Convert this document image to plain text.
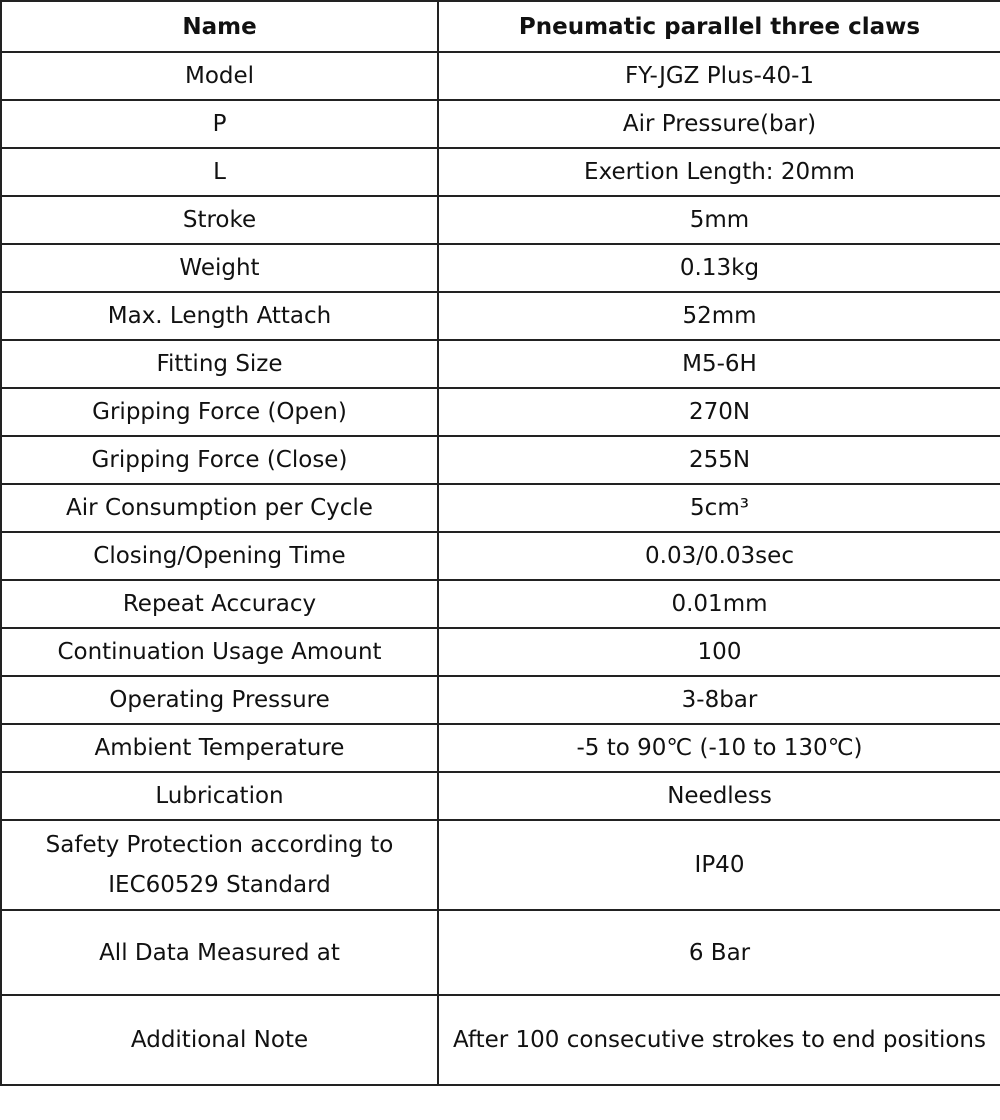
Name	Pneumatic parallel three claws
Model	FY-JGZ Plus-40-1
P	Air Pressure(bar)
L	Exertion Length: 20mm
Stroke	5mm
Weight	0.13kg
Max. Length Attach	52mm
Fitting Size	M5-6H
Gripping Force (Open)	270N
Gripping Force (Close)	255N
Air Consumption per Cycle	5cm³
Closing/Opening Time	0.03/0.03sec
Repeat Accuracy	0.01mm
Continuation Usage Amount	100
Operating Pressure	3-8bar
Ambient Temperature	-5 to 90℃ (-10 to 130℃)
Lubrication	Needless
Safety Protection according to IEC60529 Standard	IP40
All Data Measured at	6 Bar
Additional Note	After 100 consecutive strokes to end positions
